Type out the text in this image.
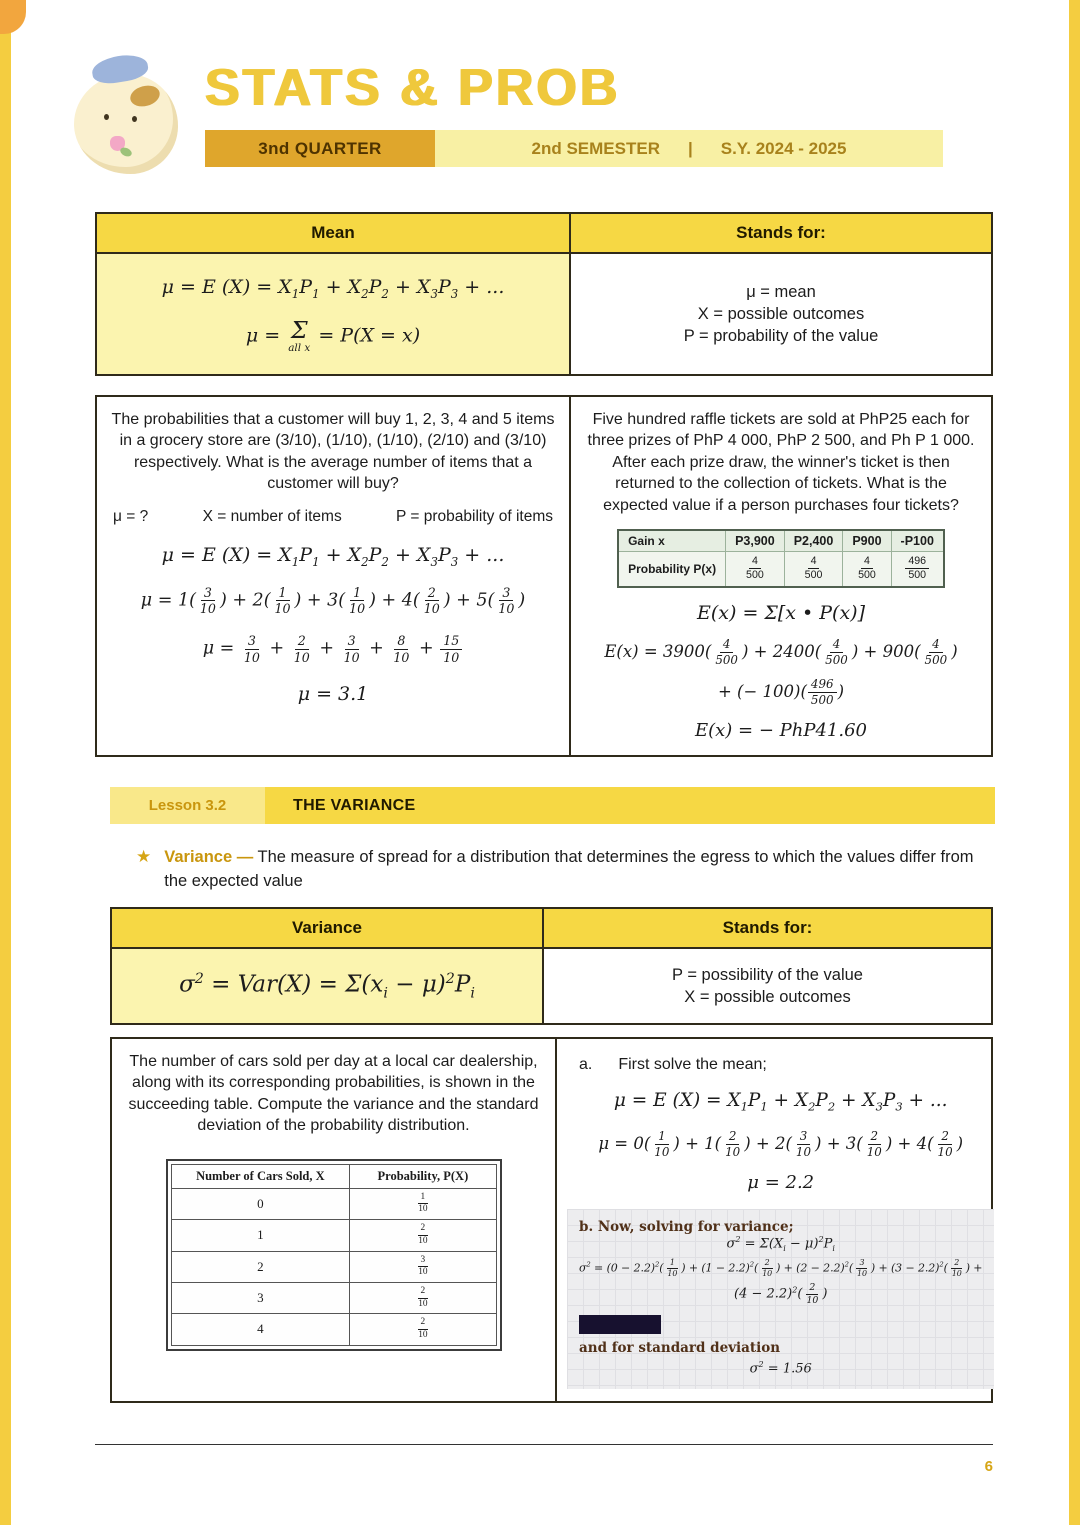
STATS & PROB
3nd QUARTER	2nd SEMESTER | S.Y. 2024 - 2025
Mean	Stands for:
μ = E $(X) = X_1P_1 + X_2P_2 + X_3P_3$ + ...
μ = Σ
all x
= P(X = x)
μ = mean
X = possible outcomes
P = probability of the value
The probabilities that a customer will buy 1, 2, 3, 4 and 5 items in a grocery store are (3/10), (1/10), (1/10), (2/10) and (3/10) respectively. What is the average number of items that a customer will buy?
μ = ?	X = number of items	P = probability of items
μ = E $(X) = X_1P_1 + X_2P_2 + X_3P_3$ + ...
$\mu = 1( \frac{3}{10}$ ) + $2( \frac{1}{10}$ ) + $3( \frac{1}{10}$ ) + $4( \frac{2}{10}$ ) + $5( \frac{3}{10}$ )
$\mu = \frac{3}{10} + \frac{2}{10} + \frac{3}{10} + \frac{8}{10} + \frac{15}{10}$
μ = 3.1
Five hundred raffle tickets are sold at PhP25 each for three prizes of PhP 4 000, PhP 2 500, and Ph P 1 000. After each prize draw, the winner's ticket is then returned to the collection of tickets. What is the expected value if a person purchases four tickets?
Gain x	P3,900	P2,400	P900	-P100
Probability P(x)	$\frac{4}{500}$	$\frac{4}{500}$	$\frac{4}{500}$	$\frac{496}{500}$
E(x) = Σ[x • P(x)]
$E(x) = 3900( \frac{4}{500}$ ) + $2400( \frac{4}{500}$ ) + $900( \frac{4}{500}$ )
+ (− $100)( \frac{496}{500}$ )
E(x) = − PhP41.60
Lesson 3.2	THE VARIANCE
★ Variance — The measure of spread for a distribution that determines the egress to which the values differ from the expected value
Variance	Stands for:
$\sigma^2 = Var(X) = \Sigma(x_i - \mu)^2P_i$
P = possibility of the value
X = possible outcomes
The number of cars sold per day at a local car dealership, along with its corresponding probabilities, is shown in the succeeding table. Compute the variance and the standard deviation of the probability distribution.
Number of Cars Sold, X	Probability, P(X)
0	$\frac{1}{10}$

1	$\frac{2}{10}$

2	$\frac{3}{10}$

3	$\frac{2}{10}$

4	$\frac{2}{10}$
a. First solve the mean;
μ = E $(X) = X_1P_1 + X_2P_2 + X_3P_3$ + ...
$\mu = 0( \frac{1}{10}$ ) + $1( \frac{2}{10}$ ) + $2( \frac{3}{10}$ ) + $3( \frac{2}{10}$ ) + $4( \frac{2}{10}$ )
μ = 2.2
b. Now, solving for variance;
$\sigma^2 = \Sigma(X_i - \mu)^2P_i$
$\sigma^2 = (0 - 2.2)^2( \frac{1}{10}$ ) + $(1 - 2.2)^2( \frac{2}{10}$ ) + $(2 - 2.2)^2( \frac{3}{10}$ ) + $(3 - 2.2)^2( \frac{2}{10}$ ) +
$(4 - 2.2)^2( \frac{2}{10}$ )
and for standard deviation
$\sigma^2 = 1.56$
6
